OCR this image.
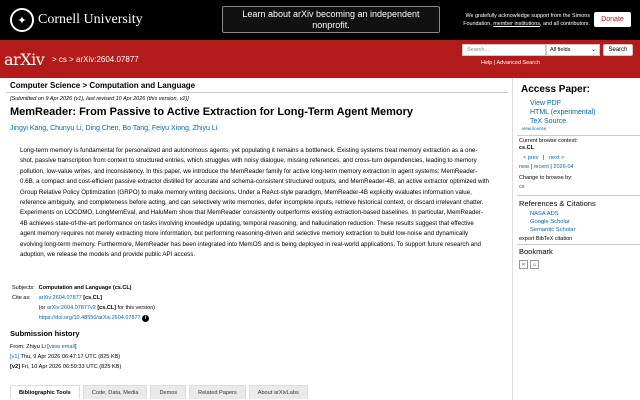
✦ Cornell University	Learn about arXiv becoming an independent nonprofit.
We gratefully acknowledge support from the Simons Foundation, member institutions, and all contributors.
Donate
arXiv > cs > arXiv:2604.07877
Search...	All fields	⌄	Search
Help | Advanced Search
Computer Science > Computation and Language
[Submitted on 9 Apr 2026 (v1), last revised 10 Apr 2026 (this version, v2)]
MemReader: From Passive to Active Extraction for Long-Term Agent Memory
Jingyi Kang, Chunyu Li, Ding Chen, Bo Tang, Feiyu Xiong, Zhiyu Li
Long-term memory is fundamental for personalized and autonomous agents, yet populating it remains a bottleneck. Existing systems treat memory extraction as a one-shot, passive transcription from context to structured entries, which struggles with noisy dialogue, missing references, and cross-turn dependencies, leading to memory pollution, low-value writes, and inconsistency. In this paper, we introduce the MemReader family for active long-term memory extraction in agent systems: MemReader-0.6B, a compact and cost-efficient passive extractor distilled for accurate and schema-consistent structured outputs, and MemReader-4B, an active extractor optimized with Group Relative Policy Optimization (GRPO) to make memory writing decisions. Under a ReAct-style paradigm, MemReader-4B explicitly evaluates information value, reference ambiguity, and completeness before acting, and can selectively write memories, defer incomplete inputs, retrieve historical context, or discard irrelevant chatter. Experiments on LOCOMO, LongMemEval, and HaluMem show that MemReader consistently outperforms existing extraction-based baselines. In particular, MemReader-4B achieves state-of-the-art performance on tasks involving knowledge updating, temporal reasoning, and hallucination reduction. These results suggest that effective agent memory requires not merely extracting more information, but performing reasoning-driven and selective memory extraction to build low-noise and dynamically evolving long-term memory. Furthermore, MemReader has been integrated into MemOS and is being deployed in real-world applications. To support future research and adoption, we release the models and provide public API access.
Subjects:	Computation and Language (cs.CL)
Cite as:	arXiv:2604.07877 [cs.CL]
	(or arXiv:2604.07877v2 [cs.CL] for this version)
	https://doi.org/10.48550/arXiv.2604.07877 i
Submission history
From: Zhiyu Li [view email]
[v1] Thu, 9 Apr 2026 06:47:17 UTC (825 KB)
[v2] Fri, 10 Apr 2026 06:59:33 UTC (825 KB)
Bibliographic Tools	Code, Data, Media	Demos	Related Papers	About arXivLabs
Access Paper:
View PDF
HTML (experimental)
TeX Source
view license
Current browse context:
cs.CL
< prev | next >
new | recent | 2026-04
Change to browse by:
cs
References & Citations
NASA ADS
Google Scholar
Semantic Scholar
export BibTeX citation
Bookmark
✕	☺
